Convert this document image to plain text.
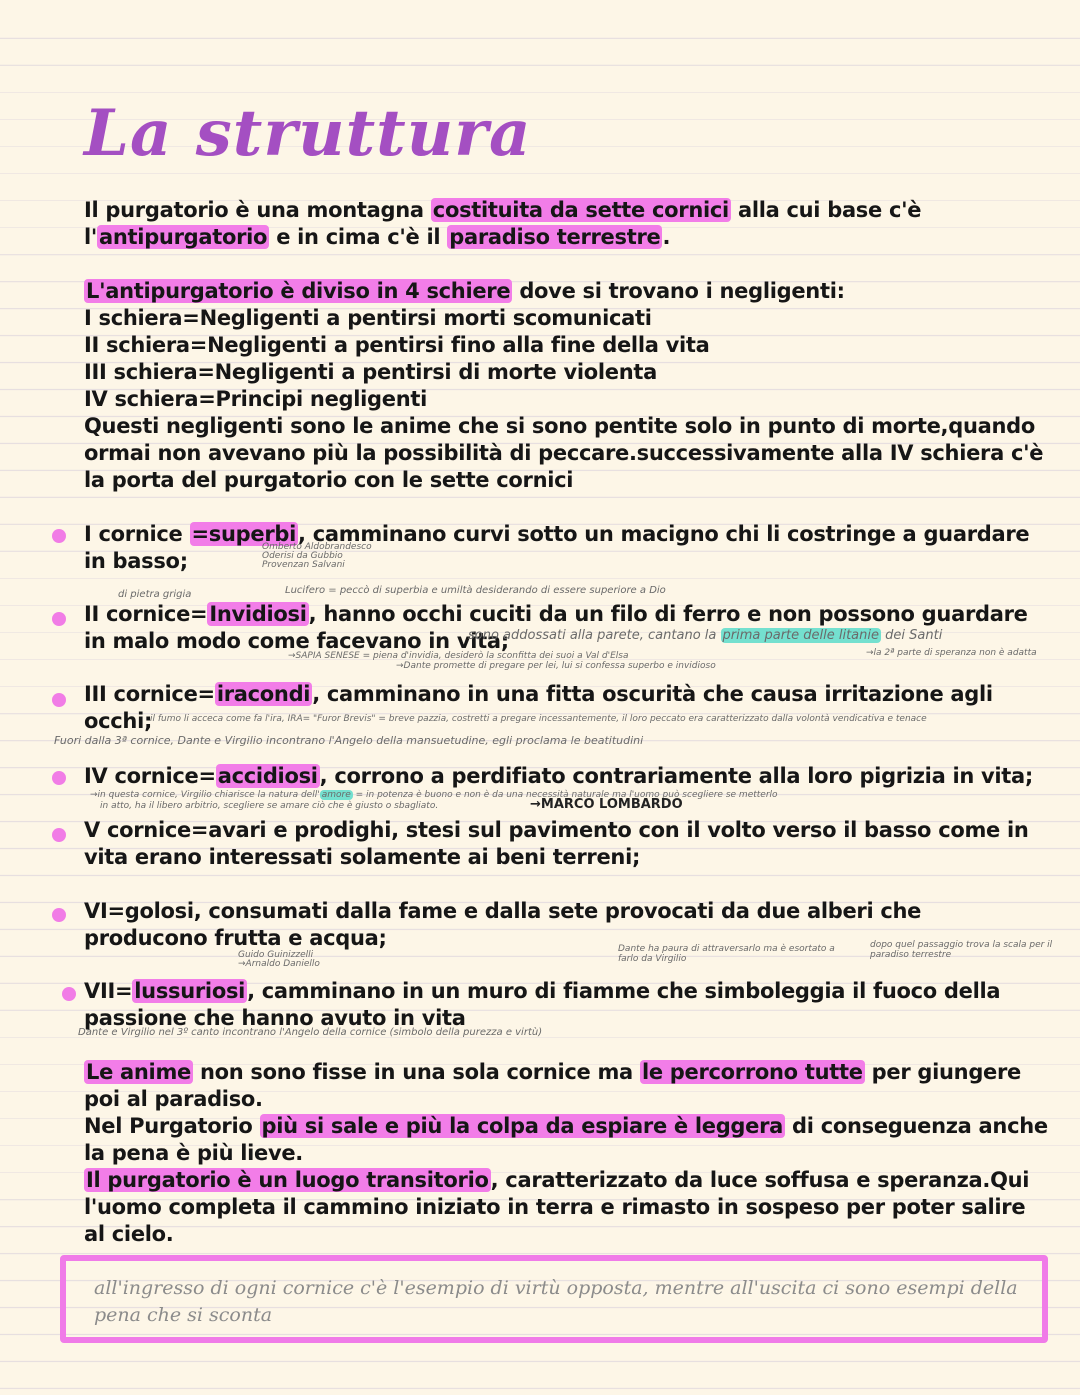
La struttura
Il purgatorio è una montagna costituita da sette cornici alla cui base c'è l'antipurgatorio e in cima c'è il paradiso terrestre.
L'antipurgatorio è diviso in 4 schiere dove si trovano i negligenti:
I schiera=Negligenti a pentirsi morti scomunicati
II schiera=Negligenti a pentirsi fino alla fine della vita
III schiera=Negligenti a pentirsi di morte violenta
IV schiera=Principi negligenti
Questi negligenti sono le anime che si sono pentite solo in punto di morte,quando ormai non avevano più la possibilità di peccare.successivamente alla IV schiera c'è la porta del purgatorio con le sette cornici
I cornice =superbi, camminano curvi sotto un macigno chi li costringe a guardare in basso;
Omberto Aldobrandesco
Oderisi da Gubbio
Provenzan Salvani
di pietra grigia	Lucifero = peccò di superbia e umiltà desiderando di essere superiore a Dio
II cornice=Invidiosi, hanno occhi cuciti da un filo di ferro e non possono guardare in malo modo come facevano in vita;
sono addossati alla parete, cantano la prima parte delle litanie dei Santi
→la 2ª parte di speranza non è adatta
→SAPIA SENESE = piena d'invidia, desiderò la sconfitta dei suoi a Val d'Elsa
→Dante promette di pregare per lei, lui si confessa superbo e invidioso
III cornice=iracondi, camminano in una fitta oscurità che causa irritazione agli occhi;
il fumo li acceca come fa l'ira, IRA= "Furor Brevis" = breve pazzia, costretti a pregare incessantemente, il loro peccato era caratterizzato dalla volontà vendicativa e tenace
Fuori dalla 3ª cornice, Dante e Virgilio incontrano l'Angelo della mansuetudine, egli proclama le beatitudini
IV cornice=accidiosi, corrono a perdifiato contrariamente alla loro pigrizia in vita;
→in questa cornice, Virgilio chiarisce la natura dell' amore = in potenza è buono e non è da una necessità naturale ma l'uomo può scegliere se metterlo
in atto, ha il libero arbitrio, scegliere se amare ciò che è giusto o sbagliato.	→MARCO LOMBARDO
V cornice=avari e prodighi, stesi sul pavimento con il volto verso il basso come in vita erano interessati solamente ai beni terreni;
VI=golosi, consumati dalla fame e dalla sete provocati da due alberi che producono frutta e acqua;
Guido Guinizzelli
→Arnaldo Daniello
Dante ha paura di attraversarlo ma è esortato a farlo da Virgilio
dopo quel passaggio trova la scala per il paradiso terrestre
VII=lussuriosi, camminano in un muro di fiamme che simboleggia il fuoco della passione che hanno avuto in vita
Dante e Virgilio nel 3º canto incontrano l'Angelo della cornice (simbolo della purezza e virtù)
Le anime non sono fisse in una sola cornice ma le percorrono tutte per giungere poi al paradiso.
Nel Purgatorio più si sale e più la colpa da espiare è leggera di conseguenza anche la pena è più lieve.
Il purgatorio è un luogo transitorio, caratterizzato da luce soffusa e speranza.Qui l'uomo completa il cammino iniziato in terra e rimasto in sospeso per poter salire al cielo.
all'ingresso di ogni cornice c'è l'esempio di virtù opposta, mentre all'uscita ci sono esempi della pena che si sconta
